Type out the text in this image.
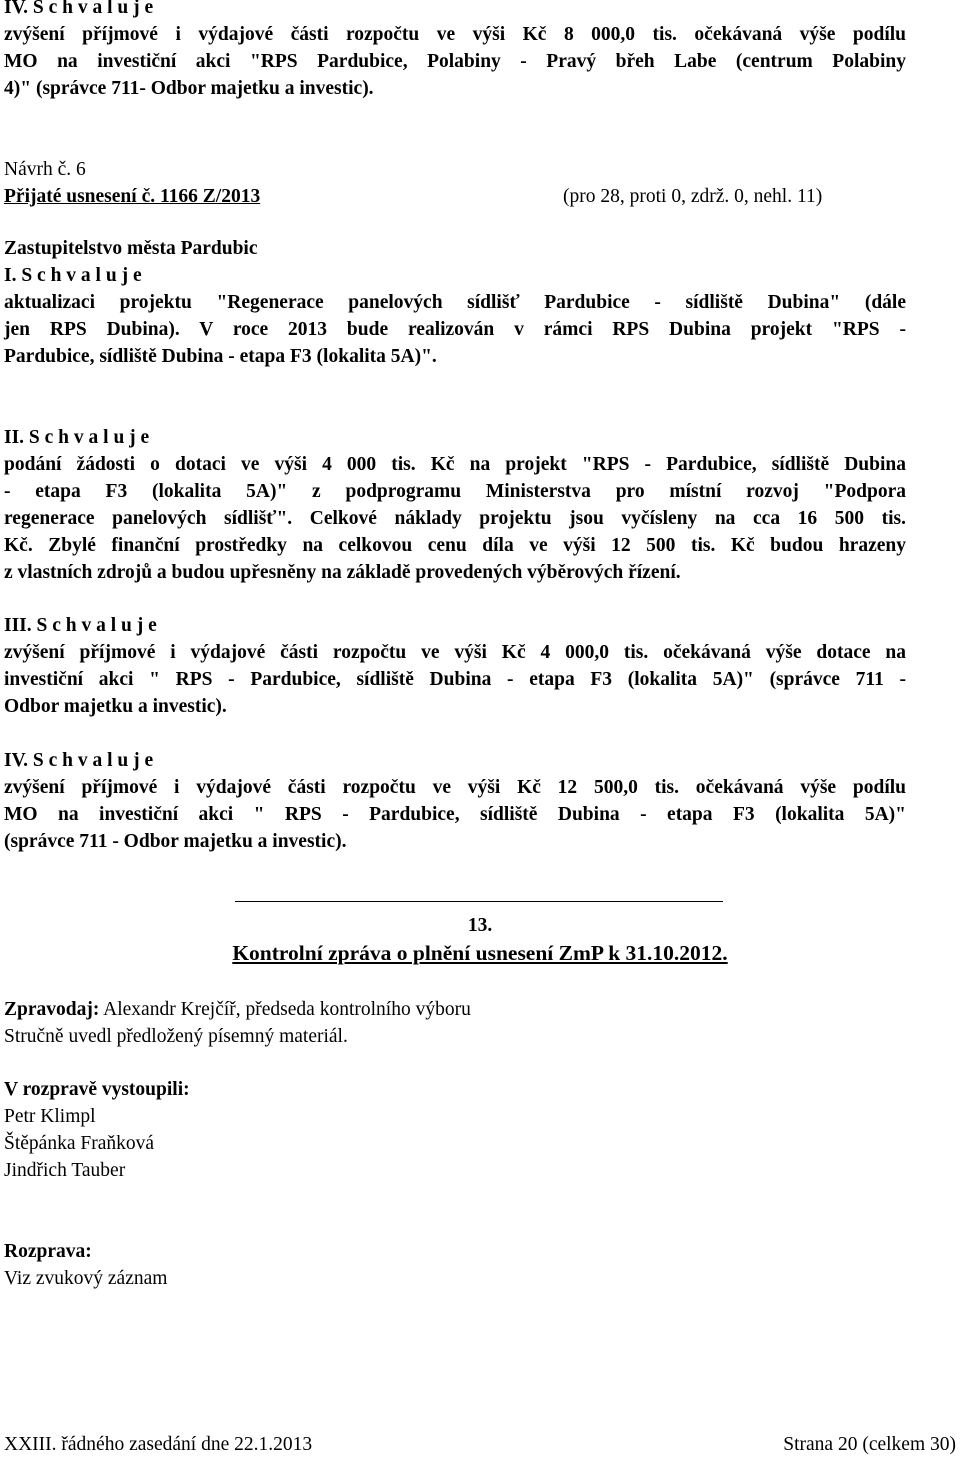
IV. S c h v a l u j e
zvýšení příjmové i výdajové části rozpočtu ve výši Kč 8 000,0 tis. očekávaná výše podílu
MO na investiční akci "RPS Pardubice, Polabiny - Pravý břeh Labe (centrum Polabiny
4)" (správce 711- Odbor majetku a investic).
Návrh č. 6
Přijaté usnesení č. 1166 Z/2013	(pro 28, proti 0, zdrž. 0, nehl. 11)
Zastupitelstvo města Pardubic
I. S c h v a l u j e
aktualizaci projektu "Regenerace panelových sídlišť Pardubice - sídliště Dubina" (dále
jen RPS Dubina). V roce 2013 bude realizován v rámci RPS Dubina projekt "RPS -
Pardubice, sídliště Dubina - etapa F3 (lokalita 5A)".
II. S c h v a l u j e
podání žádosti o dotaci ve výši 4 000 tis. Kč na projekt "RPS - Pardubice, sídliště Dubina
- etapa F3 (lokalita 5A)" z podprogramu Ministerstva pro místní rozvoj "Podpora
regenerace panelových sídlišť". Celkové náklady projektu jsou vyčísleny na cca 16 500 tis.
Kč. Zbylé finanční prostředky na celkovou cenu díla ve výši 12 500 tis. Kč budou hrazeny
z vlastních zdrojů a budou upřesněny na základě provedených výběrových řízení.
III. S c h v a l u j e
zvýšení příjmové i výdajové části rozpočtu ve výši Kč 4 000,0 tis. očekávaná výše dotace na
investiční akci " RPS - Pardubice, sídliště Dubina - etapa F3 (lokalita 5A)" (správce 711 -
Odbor majetku a investic).
IV. S c h v a l u j e
zvýšení příjmové i výdajové části rozpočtu ve výši Kč 12 500,0 tis. očekávaná výše podílu
MO na investiční akci " RPS - Pardubice, sídliště Dubina - etapa F3 (lokalita 5A)"
(správce 711 - Odbor majetku a investic).
13.
Kontrolní zpráva o plnění usnesení ZmP k 31.10.2012.
Zpravodaj: Alexandr Krejčíř, předseda kontrolního výboru
Stručně uvedl předložený písemný materiál.
V rozpravě vystoupili:
Petr Klimpl
Štěpánka Fraňková
Jindřich Tauber
Rozprava:
Viz zvukový záznam
XXIII. řádného zasedání dne 22.1.2013	Strana 20 (celkem 30)
